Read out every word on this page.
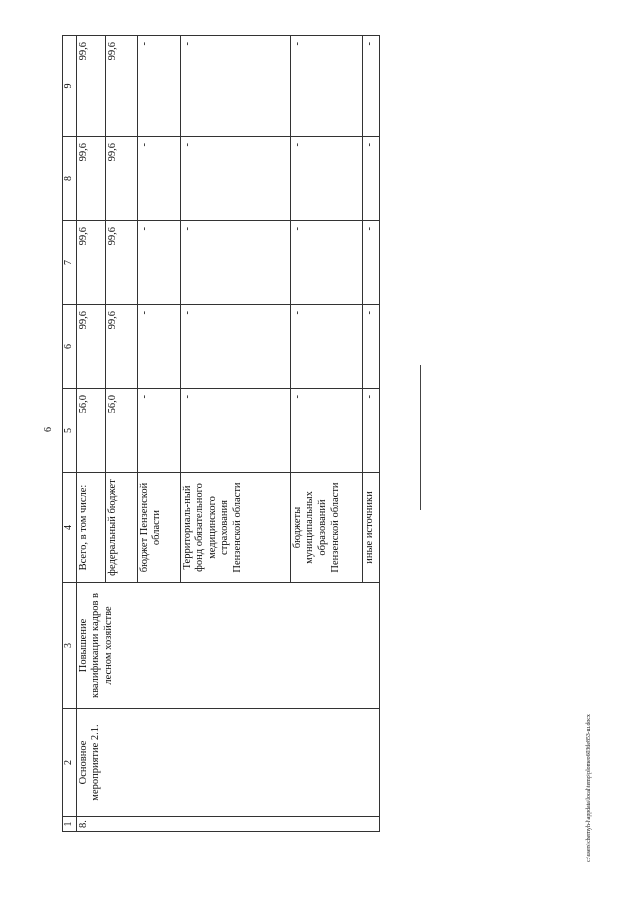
6
1	2	3	4	5	6	7	8	9
8.	Основное мероприятие 2.1.	Повышение квалификации кадров в лесном хозяйстве	Всего, в том числе:	56,0	99,6	99,6	99,6	99,6
			федеральный бюджет	56,0	99,6	99,6	99,6	99,6
			бюджет Пензенской области	-	-	-	-	-
			Территориаль-ный фонд обязательного медицинского страхования Пензенской области	-	-	-	-	-
			бюджеты муниципальных образований Пензенской области	-	-	-	-	-
			иные источники	-	-	-	-	-
c:\users\chernyh-l\appdata\local\temp\plomeo603tle853-ш.docx
